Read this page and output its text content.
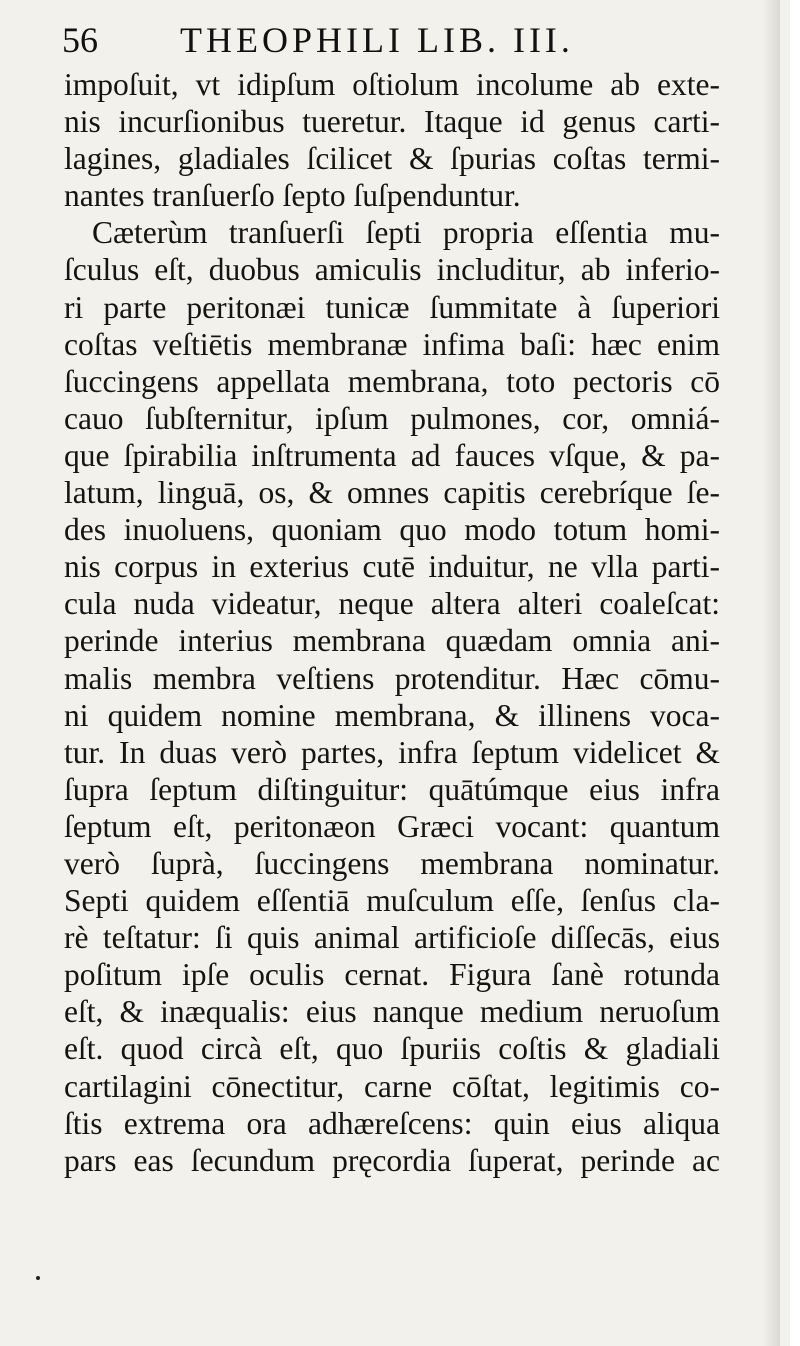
56 THEOPHILI LIB. III.
impoſuit, vt idipſum oſtiolum incolume ab exte-
nis incurſionibus tueretur. Itaque id genus carti-
lagines, gladiales ſcilicet & ſpurias coſtas termi-
nantes tranſuerſo ſepto ſuſpenduntur.
Cæterùm tranſuerſi ſepti propria eſſentia mu-
ſculus eſt, duobus amiculis includitur, ab inferio-
ri parte peritonæi tunicæ ſummitate à ſuperiori
coſtas veſtiētis membranæ infima baſi: hæc enim
ſuccingens appellata membrana, toto pectoris cō
cauo ſubſternitur, ipſum pulmones, cor, omniá-
que ſpirabilia inſtrumenta ad fauces vſque, & pa-
latum, linguā, os, & omnes capitis cerebríque ſe-
des inuoluens, quoniam quo modo totum homi-
nis corpus in exterius cutē induitur, ne vlla parti-
cula nuda videatur, neque altera alteri coaleſcat:
perinde interius membrana quædam omnia ani-
malis membra veſtiens protenditur. Hæc cōmu-
ni quidem nomine membrana, & illinens voca-
tur. In duas verò partes, infra ſeptum videlicet &
ſupra ſeptum diſtinguitur: quātúmque eius infra
ſeptum eſt, peritonæon Græci vocant: quantum
verò ſuprà, ſuccingens membrana nominatur.
Septi quidem eſſentiā muſculum eſſe, ſenſus cla-
rè teſtatur: ſi quis animal artificioſe diſſecās, eius
poſitum ipſe oculis cernat. Figura ſanè rotunda
eſt, & inæqualis: eius nanque medium neruoſum
eſt. quod circà eſt, quo ſpuriis coſtis & gladiali
cartilagini cōnectitur, carne cōſtat, legitimis co-
ſtis extrema ora adhæreſcens: quin eius aliqua
pars eas ſecundum pręcordia ſuperat, perinde ac
